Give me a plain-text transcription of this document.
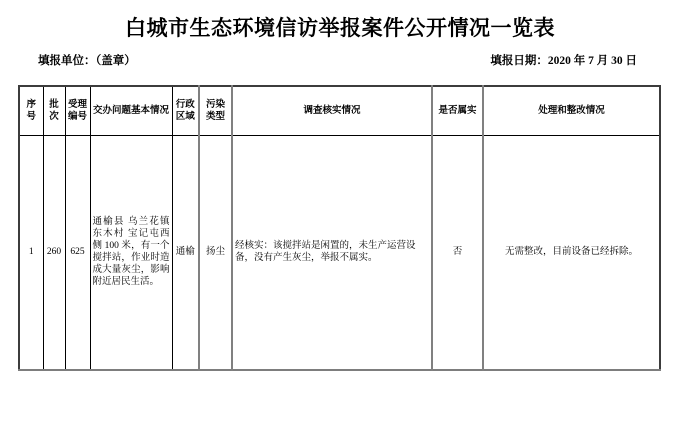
白城市生态环境信访举报案件公开情况一览表
填报单位：（盖章）	填报日期：2020 年 7 月 30 日
序号	批次	受理编号	交办问题基本情况	行政区域	污染类型	调查核实情况	是否属实	处理和整改情况
1	260	625	通榆县 乌兰花镇 东木村 宝记屯西侧 100 米，有一个搅拌站，作业时造成大量灰尘，影响附近居民生活。	通榆	扬尘	经核实：该搅拌站是闲置的，未生产运营设备，没有产生灰尘，举报不属实。	否	无需整改，目前设备已经拆除。
